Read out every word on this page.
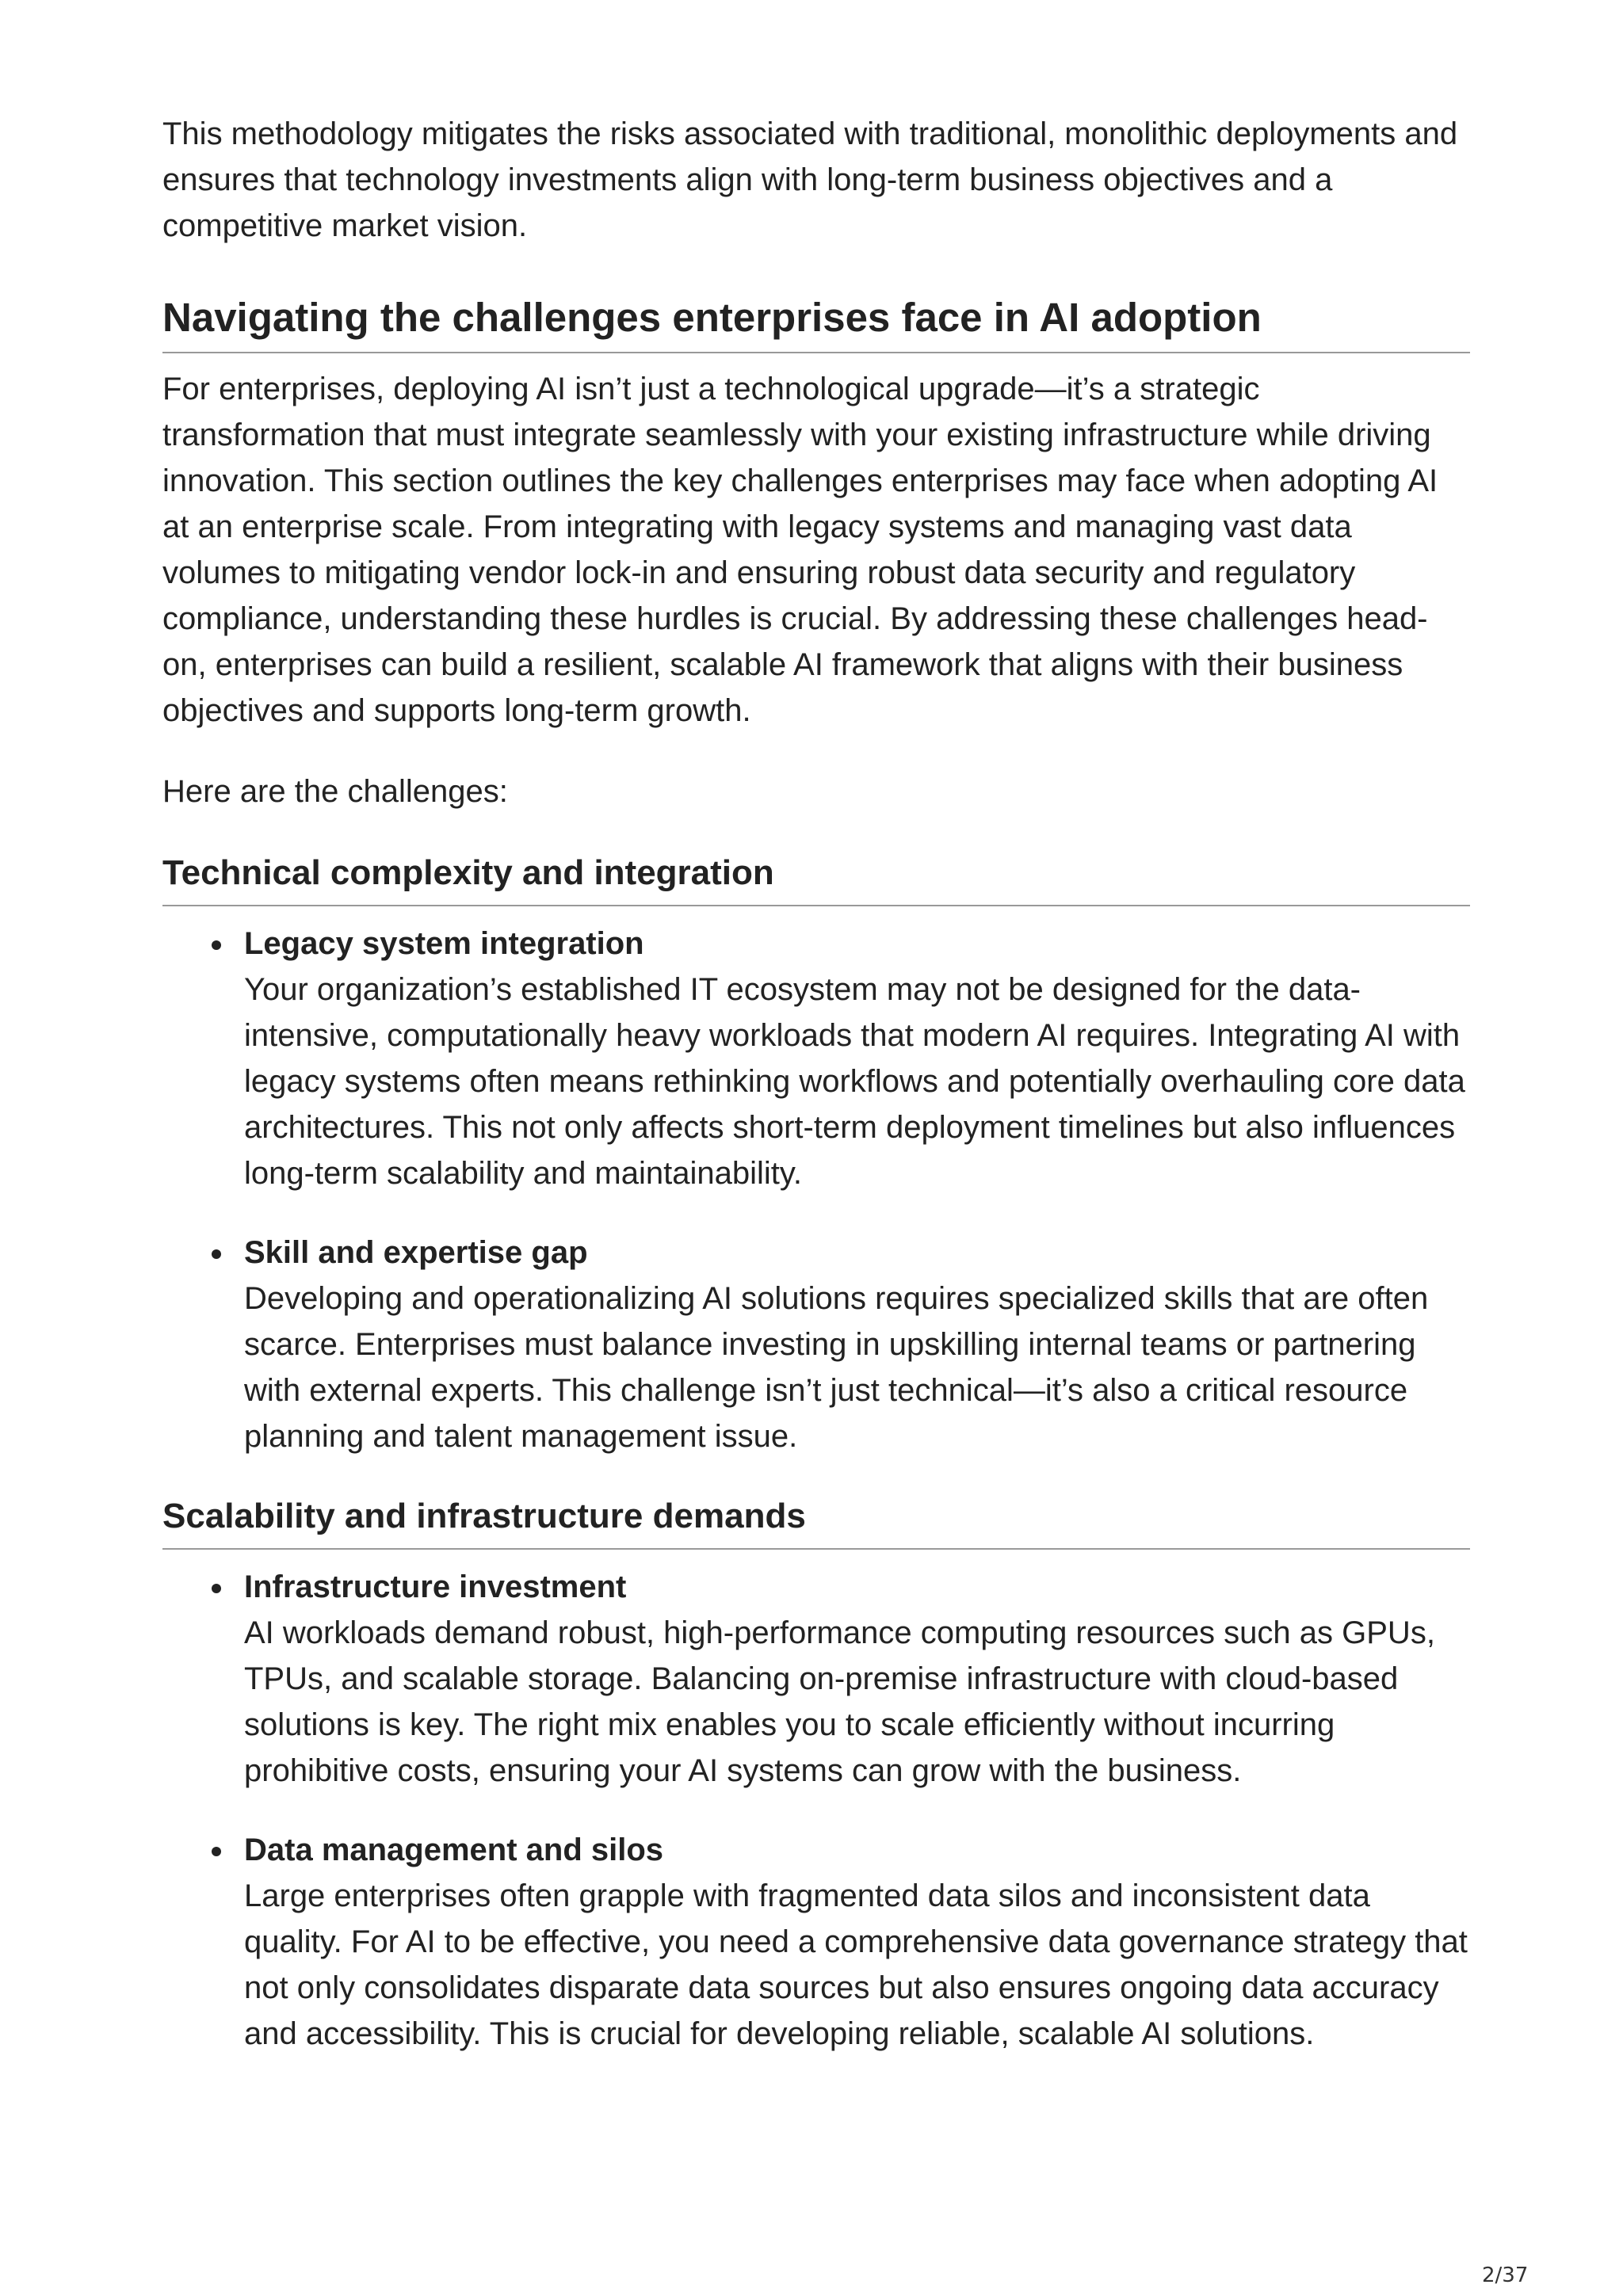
This methodology mitigates the risks associated with traditional, monolithic deployments and ensures that technology investments align with long-term business objectives and a competitive market vision.

Navigating the challenges enterprises face in AI adoption

For enterprises, deploying AI isn’t just a technological upgrade—it’s a strategic transformation that must integrate seamlessly with your existing infrastructure while driving innovation. This section outlines the key challenges enterprises may face when adopting AI at an enterprise scale. From integrating with legacy systems and managing vast data volumes to mitigating vendor lock-in and ensuring robust data security and regulatory compliance, understanding these hurdles is crucial. By addressing these challenges head-on, enterprises can build a resilient, scalable AI framework that aligns with their business objectives and supports long-term growth.

Here are the challenges:

Technical complexity and integration

Legacy system integration

Your organization’s established IT ecosystem may not be designed for the data-intensive, computationally heavy workloads that modern AI requires. Integrating AI with legacy systems often means rethinking workflows and potentially overhauling core data architectures. This not only affects short-term deployment timelines but also influences long-term scalability and maintainability.

Skill and expertise gap

Developing and operationalizing AI solutions requires specialized skills that are often scarce. Enterprises must balance investing in upskilling internal teams or partnering with external experts. This challenge isn’t just technical—it’s also a critical resource planning and talent management issue.

Scalability and infrastructure demands

Infrastructure investment

AI workloads demand robust, high-performance computing resources such as GPUs, TPUs, and scalable storage. Balancing on-premise infrastructure with cloud-based solutions is key. The right mix enables you to scale efficiently without incurring prohibitive costs, ensuring your AI systems can grow with the business.

Data management and silos

Large enterprises often grapple with fragmented data silos and inconsistent data quality. For AI to be effective, you need a comprehensive data governance strategy that not only consolidates disparate data sources but also ensures ongoing data accuracy and accessibility. This is crucial for developing reliable, scalable AI solutions.

2/37
